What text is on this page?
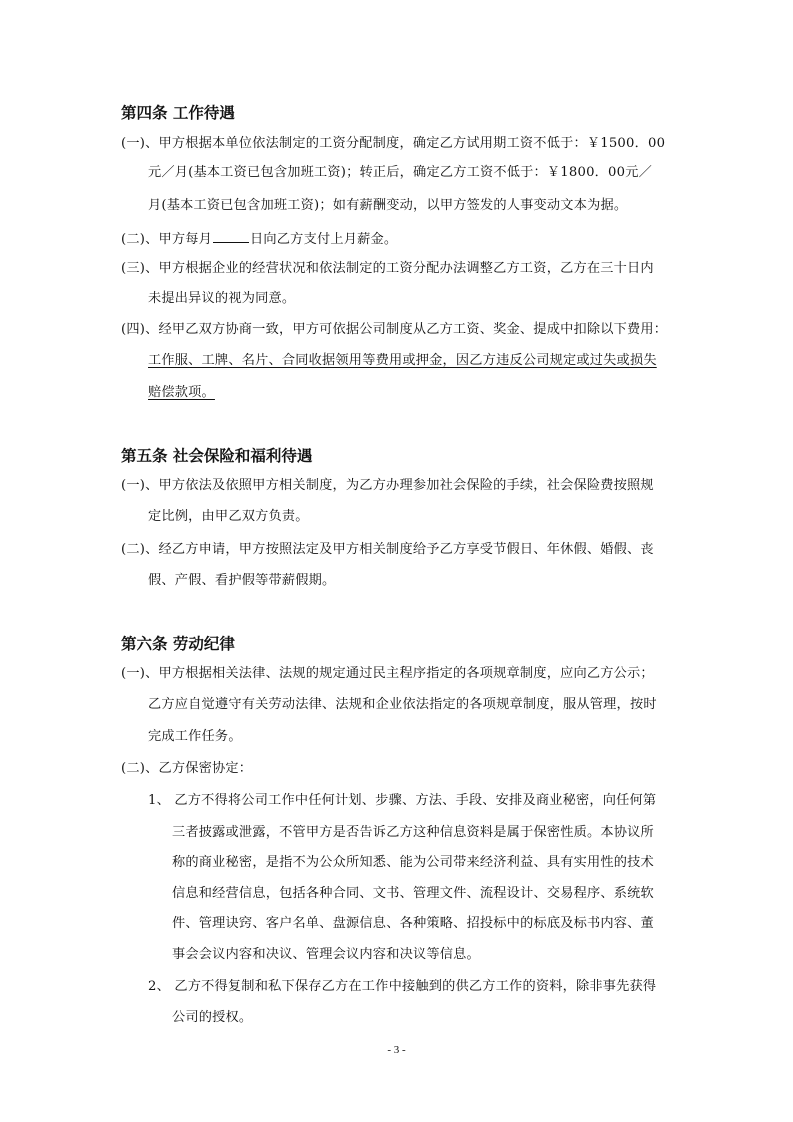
第四条 工作待遇
(一)、甲方根据本单位依法制定的工资分配制度，确定乙方试用期工资不低于：￥1500．00
元／月(基本工资已包含加班工资)；转正后，确定乙方工资不低于：￥1800．00元／
月(基本工资已包含加班工资)；如有薪酬变动，以甲方签发的人事变动文本为据。
(二)、甲方每月	日向乙方支付上月薪金。
(三)、甲方根据企业的经营状况和依法制定的工资分配办法调整乙方工资，乙方在三十日内
未提出异议的视为同意。
(四)、经甲乙双方协商一致，甲方可依据公司制度从乙方工资、奖金、提成中扣除以下费用：
工作服、工牌、名片、合同收据领用等费用或押金，因乙方违反公司规定或过失或损失
赔偿款项。
第五条 社会保险和福利待遇
(一)、甲方依法及依照甲方相关制度，为乙方办理参加社会保险的手续，社会保险费按照规
定比例，由甲乙双方负责。
(二)、经乙方申请，甲方按照法定及甲方相关制度给予乙方享受节假日、年休假、婚假、丧
假、产假、看护假等带薪假期。
第六条 劳动纪律
(一)、甲方根据相关法律、法规的规定通过民主程序指定的各项规章制度，应向乙方公示；
乙方应自觉遵守有关劳动法律、法规和企业依法指定的各项规章制度，服从管理，按时
完成工作任务。
(二)、乙方保密协定：
1、 乙方不得将公司工作中任何计划、步骤、方法、手段、安排及商业秘密，向任何第
三者披露或泄露，不管甲方是否告诉乙方这种信息资料是属于保密性质。本协议所
称的商业秘密，是指不为公众所知悉、能为公司带来经济利益、具有实用性的技术
信息和经营信息，包括各种合同、文书、管理文件、流程设计、交易程序、系统软
件、管理诀窍、客户名单、盘源信息、各种策略、招投标中的标底及标书内容、董
事会会议内容和决议、管理会议内容和决议等信息。
2、 乙方不得复制和私下保存乙方在工作中接触到的供乙方工作的资料，除非事先获得
公司的授权。
- 3 -
